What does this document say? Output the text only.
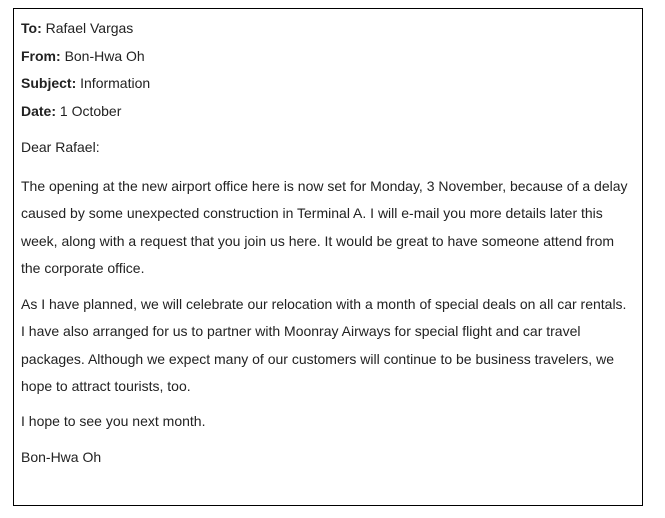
To: Rafael Vargas
From: Bon-Hwa Oh
Subject: Information
Date: 1 October
Dear Rafael:
The opening at the new airport office here is now set for Monday, 3 November, because of a delay caused by some unexpected construction in Terminal A. I will e-mail you more details later this week, along with a request that you join us here. It would be great to have someone attend from the corporate office.
As I have planned, we will celebrate our relocation with a month of special deals on all car rentals. I have also arranged for us to partner with Moonray Airways for special flight and car travel packages. Although we expect many of our customers will continue to be business travelers, we hope to attract tourists, too.
I hope to see you next month.
Bon-Hwa Oh
